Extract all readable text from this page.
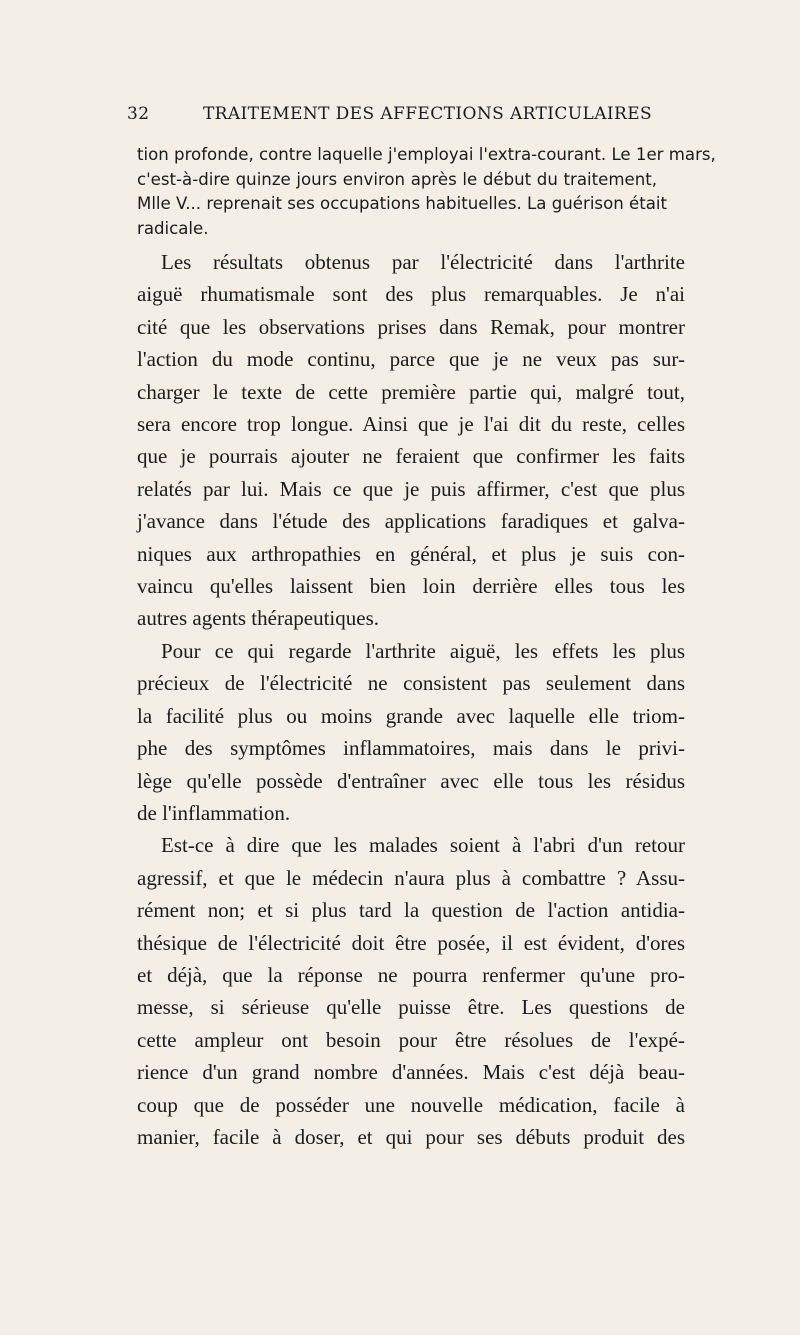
32	TRAITEMENT DES AFFECTIONS ARTICULAIRES
tion profonde, contre laquelle j'employai l'extra-courant. Le 1er mars,
c'est-à-dire quinze jours environ après le début du traitement,
Mlle V... reprenait ses occupations habituelles. La guérison était
radicale.
Les résultats obtenus par l'électricité dans l'arthrite
aiguë rhumatismale sont des plus remarquables. Je n'ai
cité que les observations prises dans Remak, pour montrer
l'action du mode continu, parce que je ne veux pas sur-
charger le texte de cette première partie qui, malgré tout,
sera encore trop longue. Ainsi que je l'ai dit du reste, celles
que je pourrais ajouter ne feraient que confirmer les faits
relatés par lui. Mais ce que je puis affirmer, c'est que plus
j'avance dans l'étude des applications faradiques et galva-
niques aux arthropathies en général, et plus je suis con-
vaincu qu'elles laissent bien loin derrière elles tous les
autres agents thérapeutiques.
Pour ce qui regarde l'arthrite aiguë, les effets les plus
précieux de l'électricité ne consistent pas seulement dans
la facilité plus ou moins grande avec laquelle elle triom-
phe des symptômes inflammatoires, mais dans le privi-
lège qu'elle possède d'entraîner avec elle tous les résidus
de l'inflammation.
Est-ce à dire que les malades soient à l'abri d'un retour
agressif, et que le médecin n'aura plus à combattre ? Assu-
rément non; et si plus tard la question de l'action antidia-
thésique de l'électricité doit être posée, il est évident, d'ores
et déjà, que la réponse ne pourra renfermer qu'une pro-
messe, si sérieuse qu'elle puisse être. Les questions de
cette ampleur ont besoin pour être résolues de l'expé-
rience d'un grand nombre d'années. Mais c'est déjà beau-
coup que de posséder une nouvelle médication, facile à
manier, facile à doser, et qui pour ses débuts produit des
